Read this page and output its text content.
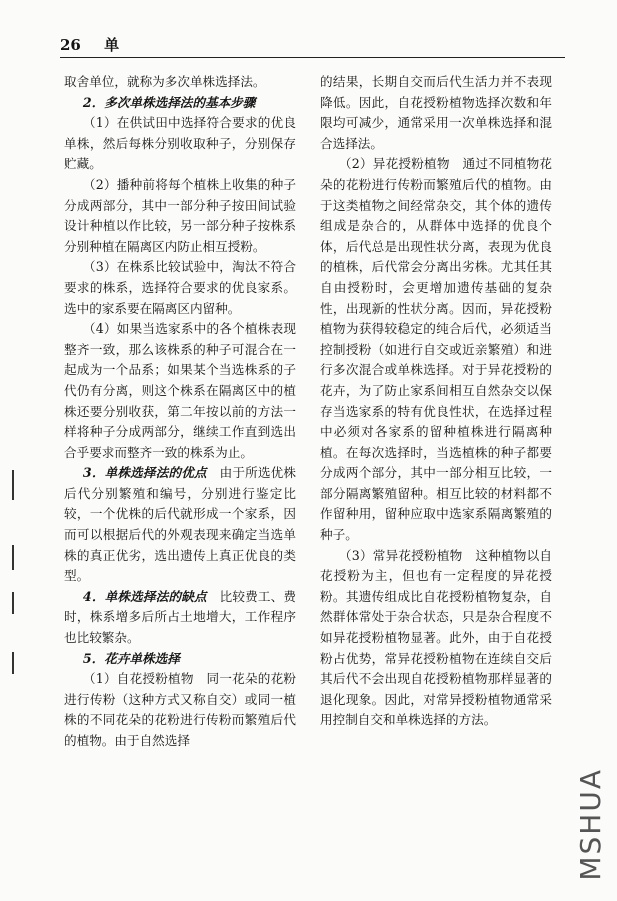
26 单

取舍单位，就称为多次单株选择法。

2．多次单株选择法的基本步骤

（1）在供试田中选择符合要求的优良单株，然后每株分别收取种子，分别保存贮藏。

（2）播种前将每个植株上收集的种子分成两部分，其中一部分种子按田间试验设计种植以作比较，另一部分种子按株系分别种植在隔离区内防止相互授粉。

（3）在株系比较试验中，淘汰不符合要求的株系，选择符合要求的优良家系。选中的家系要在隔离区内留种。

（4）如果当选家系中的各个植株表现整齐一致，那么该株系的种子可混合在一起成为一个品系；如果某个当选株系的子代仍有分离，则这个株系在隔离区中的植株还要分别收获，第二年按以前的方法一样将种子分成两部分，继续工作直到选出合乎要求而整齐一致的株系为止。

3．单株选择法的优点　 由于所选优株后代分别繁殖和编号，分别进行鉴定比较，一个优株的后代就形成一个家系，因而可以根据后代的外观表现来确定当选单株的真正优劣，选出遗传上真正优良的类型。

4．单株选择法的缺点　 比较费工、费时，株系增多后所占土地增大，工作程序也比较繁杂。

5．花卉单株选择

（1）自花授粉植物　 同一花朵的花粉进行传粉（这种方式又称自交）或同一植株的不同花朵的花粉进行传粉而繁殖后代的植物。由于自然选择

的结果，长期自交而后代生活力并不表现降低。因此，自花授粉植物选择次数和年限均可减少，通常采用一次单株选择和混合选择法。

（2）异花授粉植物　 通过不同植物花朵的花粉进行传粉而繁殖后代的植物。由于这类植物之间经常杂交，其个体的遗传组成是杂合的，从群体中选择的优良个体，后代总是出现性状分离，表现为优良的植株，后代常会分离出劣株。尤其任其自由授粉时，会更增加遗传基础的复杂性，出现新的性状分离。因而，异花授粉植物为获得较稳定的纯合后代，必须适当控制授粉（如进行自交或近亲繁殖）和进行多次混合或单株选择。对于异花授粉的花卉，为了防止家系间相互自然杂交以保存当选家系的特有优良性状，在选择过程中必须对各家系的留种植株进行隔离种植。在每次选择时，当选植株的种子都要分成两个部分，其中一部分相互比较，一部分隔离繁殖留种。相互比较的材料都不作留种用，留种应取中选家系隔离繁殖的种子。

（3）常异花授粉植物　 这种植物以自花授粉为主，但也有一定程度的异花授粉。其遗传组成比自花授粉植物复杂，自然群体常处于杂合状态，只是杂合程度不如异花授粉植物显著。此外，由于自花授粉占优势，常异花授粉植物在连续自交后其后代不会出现自花授粉植物那样显著的退化现象。因此，对常异授粉植物通常采用控制自交和单株选择的方法。

MSHUA
